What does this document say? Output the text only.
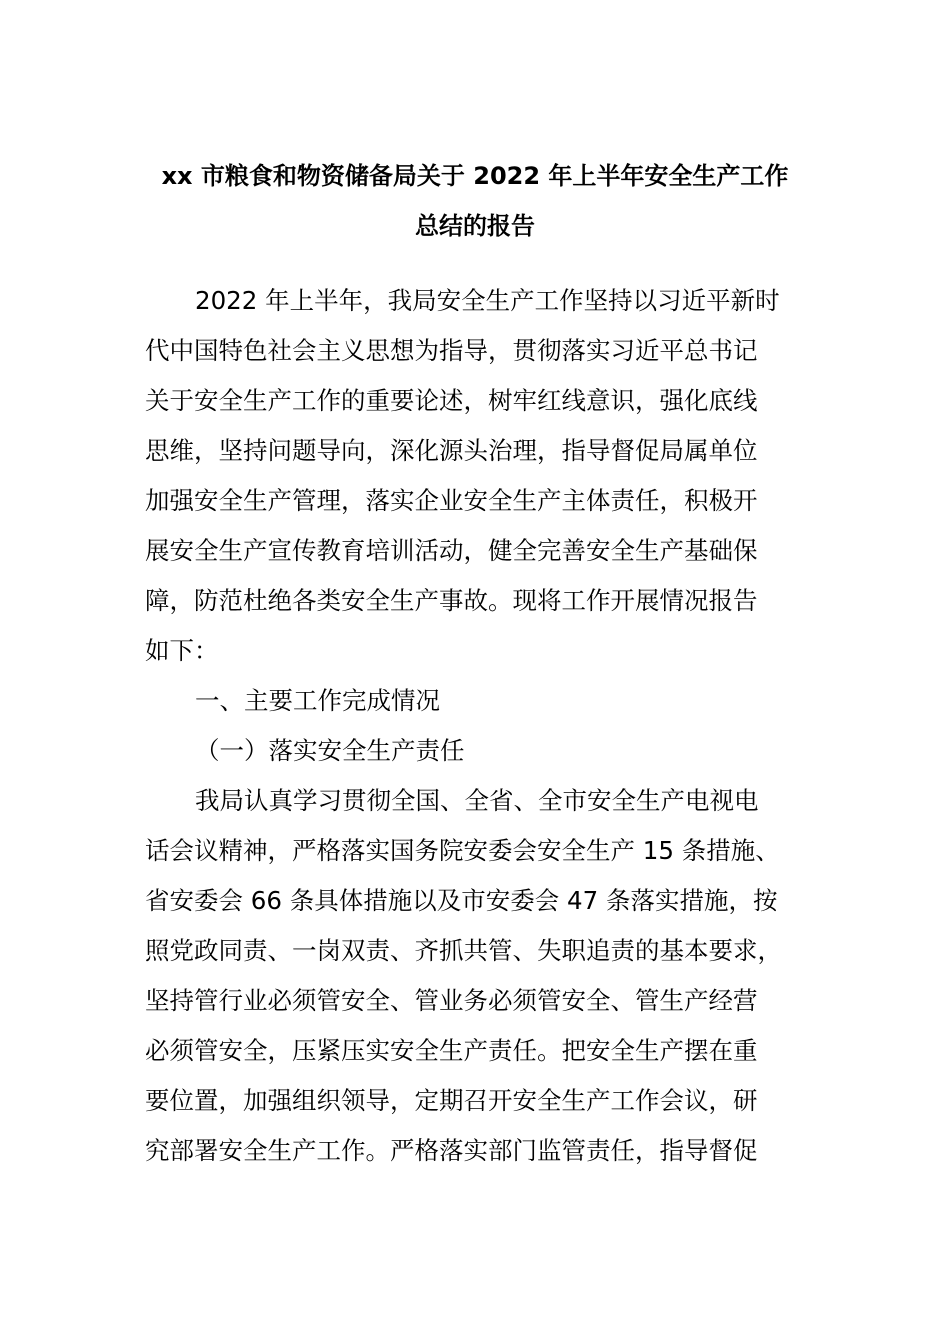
xx 市粮食和物资储备局关于 2022 年上半年安全生产工作
总结的报告
2022 年上半年，我局安全生产工作坚持以习近平新时
代中国特色社会主义思想为指导，贯彻落实习近平总书记
关于安全生产工作的重要论述，树牢红线意识，强化底线
思维，坚持问题导向，深化源头治理，指导督促局属单位
加强安全生产管理，落实企业安全生产主体责任，积极开
展安全生产宣传教育培训活动，健全完善安全生产基础保
障，防范杜绝各类安全生产事故。现将工作开展情况报告
如下：
一、主要工作完成情况
（一）落实安全生产责任
我局认真学习贯彻全国、全省、全市安全生产电视电
话会议精神，严格落实国务院安委会安全生产 15 条措施、
省安委会 66 条具体措施以及市安委会 47 条落实措施，按
照党政同责、一岗双责、齐抓共管、失职追责的基本要求，
坚持管行业必须管安全、管业务必须管安全、管生产经营
必须管安全，压紧压实安全生产责任。把安全生产摆在重
要位置，加强组织领导，定期召开安全生产工作会议，研
究部署安全生产工作。严格落实部门监管责任，指导督促
